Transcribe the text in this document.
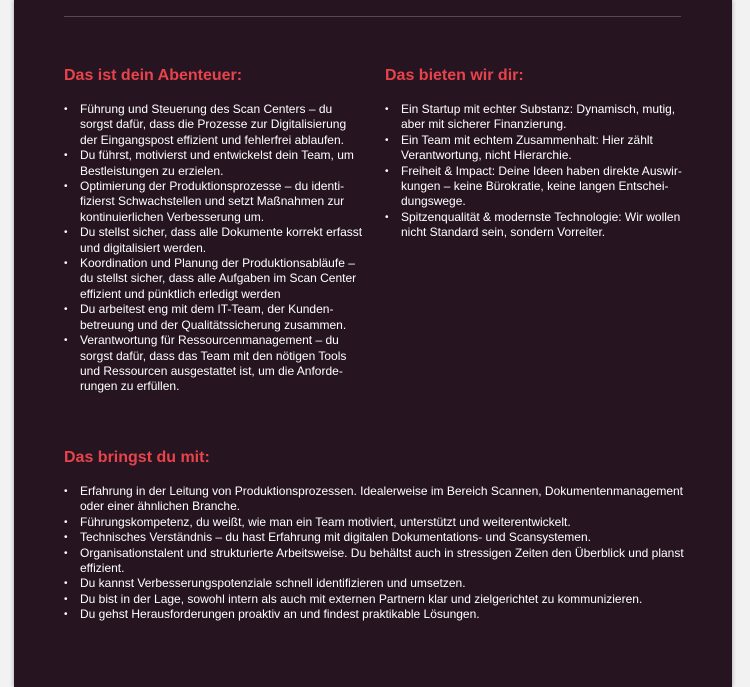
Das ist dein Abenteuer:
• Führung und Steuerung des Scan Centers – du sorgst dafür, dass die Prozesse zur Digitalisierung der Eingangspost effizient und fehlerfrei ablaufen.
• Du führst, motivierst und entwickelst dein Team, um Bestleistungen zu erzielen.
• Optimierung der Produktionsprozesse – du identifizierst Schwachstellen und setzt Maßnahmen zur kontinuierlichen Verbesserung um.
• Du stellst sicher, dass alle Dokumente korrekt erfasst und digitalisiert werden.
• Koordination und Planung der Produktionsabläufe – du stellst sicher, dass alle Aufgaben im Scan Center effizient und pünktlich erledigt werden
• Du arbeitest eng mit dem IT-Team, der Kundenbetreuung und der Qualitätssicherung zusammen.
• Verantwortung für Ressourcenmanagement – du sorgst dafür, dass das Team mit den nötigen Tools und Ressourcen ausgestattet ist, um die Anforderungen zu erfüllen.
Das bieten wir dir:
• Ein Startup mit echter Substanz: Dynamisch, mutig, aber mit sicherer Finanzierung.
• Ein Team mit echtem Zusammenhalt: Hier zählt Verantwortung, nicht Hierarchie.
• Freiheit & Impact: Deine Ideen haben direkte Auswirkungen – keine Bürokratie, keine langen Entscheidungswege.
• Spitzenqualität & modernste Technologie: Wir wollen nicht Standard sein, sondern Vorreiter.
Das bringst du mit:
• Erfahrung in der Leitung von Produktionsprozessen. Idealerweise im Bereich Scannen, Dokumentenmanagement oder einer ähnlichen Branche.
• Führungskompetenz, du weißt, wie man ein Team motiviert, unterstützt und weiterentwickelt.
• Technisches Verständnis – du hast Erfahrung mit digitalen Dokumentations- und Scansystemen.
• Organisationstalent und strukturierte Arbeitsweise. Du behältst auch in stressigen Zeiten den Überblick und planst effizient.
• Du kannst Verbesserungspotenziale schnell identifizieren und umsetzen.
• Du bist in der Lage, sowohl intern als auch mit externen Partnern klar und zielgerichtet zu kommunizieren.
• Du gehst Herausforderungen proaktiv an und findest praktikable Lösungen.
